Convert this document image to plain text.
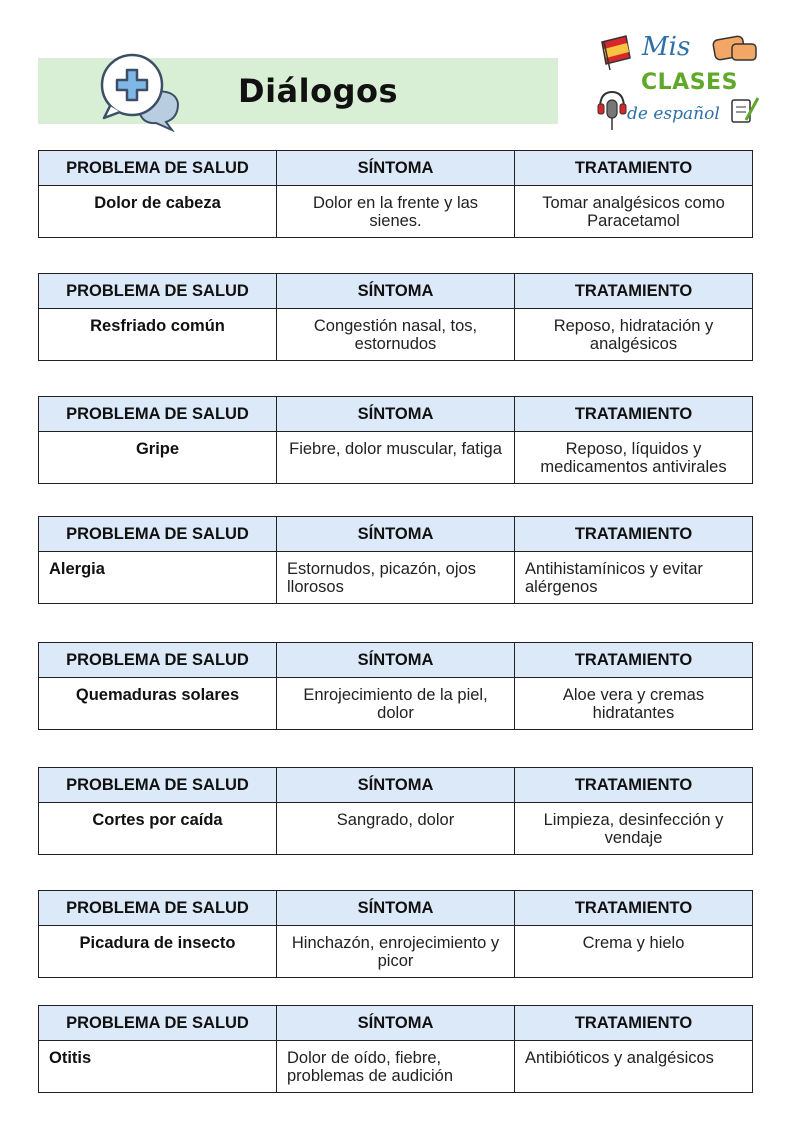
Diálogos
Mis
CLASES
de español
PROBLEMA DE SALUD	SÍNTOMA	TRATAMIENTO
Dolor de cabeza	Dolor en la frente y las sienes.	Tomar analgésicos como Paracetamol
PROBLEMA DE SALUD	SÍNTOMA	TRATAMIENTO
Resfriado común	Congestión nasal, tos, estornudos	Reposo, hidratación y analgésicos
PROBLEMA DE SALUD	SÍNTOMA	TRATAMIENTO
Gripe	Fiebre, dolor muscular, fatiga	Reposo, líquidos y medicamentos antivirales
PROBLEMA DE SALUD	SÍNTOMA	TRATAMIENTO
Alergia	Estornudos, picazón, ojos llorosos	Antihistamínicos y evitar alérgenos
PROBLEMA DE SALUD	SÍNTOMA	TRATAMIENTO
Quemaduras solares	Enrojecimiento de la piel, dolor	Aloe vera y cremas hidratantes
PROBLEMA DE SALUD	SÍNTOMA	TRATAMIENTO
Cortes por caída	Sangrado, dolor	Limpieza, desinfección y vendaje
PROBLEMA DE SALUD	SÍNTOMA	TRATAMIENTO
Picadura de insecto	Hinchazón, enrojecimiento y picor	Crema y hielo
PROBLEMA DE SALUD	SÍNTOMA	TRATAMIENTO
Otitis	Dolor de oído, fiebre, problemas de audición	Antibióticos y analgésicos
